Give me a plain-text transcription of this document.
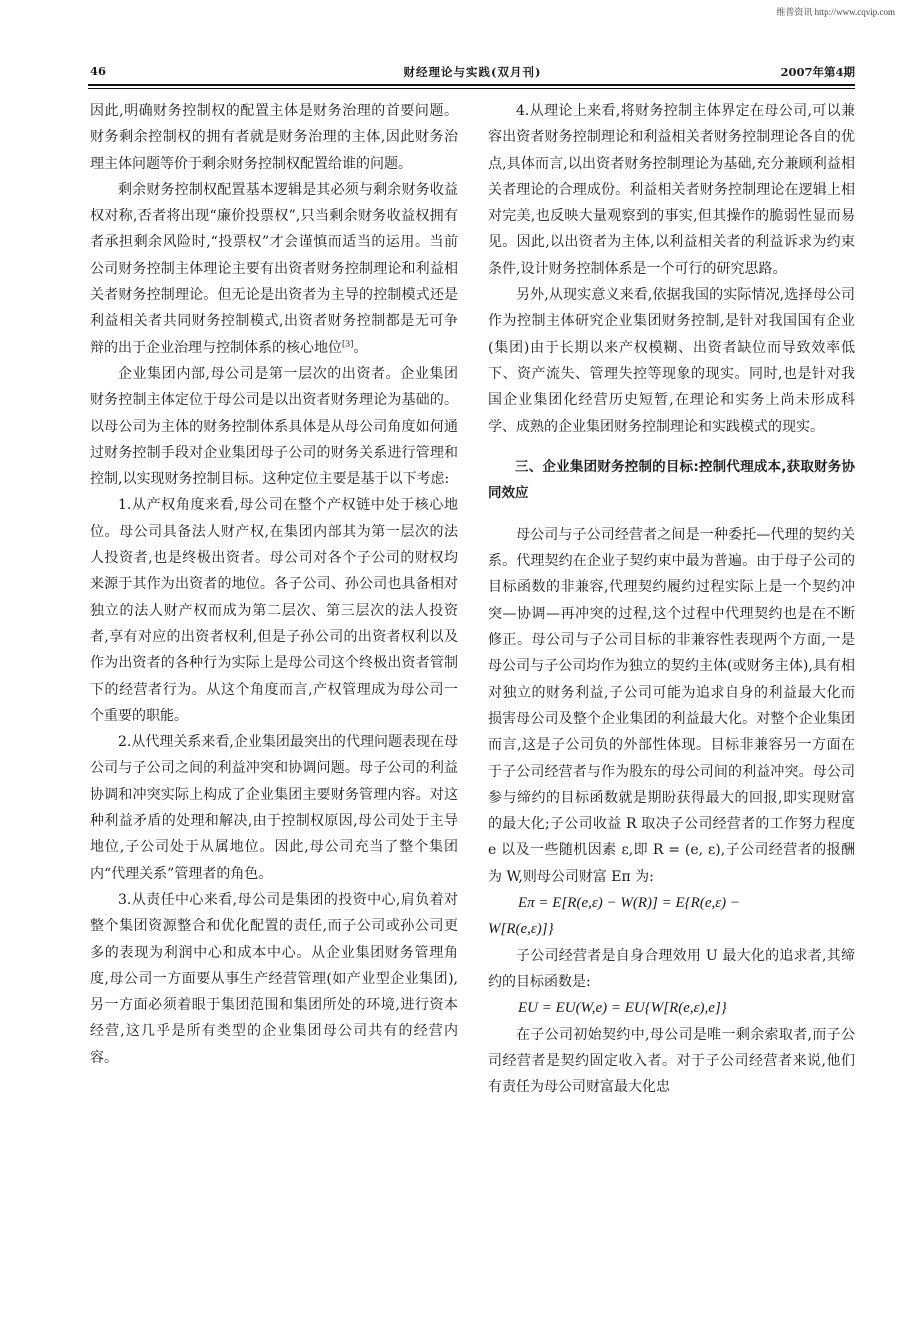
维普资讯 http://www.cqvip.com
46	财经理论与实践(双月刊)	2007年第4期

因此,明确财务控制权的配置主体是财务治理的首要问题。财务剩余控制权的拥有者就是财务治理的主体,因此财务治理主体问题等价于剩余财务控制权配置给谁的问题。

剩余财务控制权配置基本逻辑是其必须与剩余财务收益权对称,否者将出现“廉价投票权”,只当剩余财务收益权拥有者承担剩余风险时,“投票权”才会谨慎而适当的运用。当前公司财务控制主体理论主要有出资者财务控制理论和利益相关者财务控制理论。但无论是出资者为主导的控制模式还是利益相关者共同财务控制模式,出资者财务控制都是无可争辩的出于企业治理与控制体系的核心地位[3]。

企业集团内部,母公司是第一层次的出资者。企业集团财务控制主体定位于母公司是以出资者财务理论为基础的。以母公司为主体的财务控制体系具体是从母公司角度如何通过财务控制手段对企业集团母子公司的财务关系进行管理和控制,以实现财务控制目标。这种定位主要是基于以下考虑:

1.从产权角度来看,母公司在整个产权链中处于核心地位。母公司具备法人财产权,在集团内部其为第一层次的法人投资者,也是终极出资者。母公司对各个子公司的财权均来源于其作为出资者的地位。各子公司、孙公司也具备相对独立的法人财产权而成为第二层次、第三层次的法人投资者,享有对应的出资者权利,但是子孙公司的出资者权利以及作为出资者的各种行为实际上是母公司这个终极出资者管制下的经营者行为。从这个角度而言,产权管理成为母公司一个重要的职能。

2.从代理关系来看,企业集团最突出的代理问题表现在母公司与子公司之间的利益冲突和协调问题。母子公司的利益协调和冲突实际上构成了企业集团主要财务管理内容。对这种利益矛盾的处理和解决,由于控制权原因,母公司处于主导地位,子公司处于从属地位。因此,母公司充当了整个集团内“代理关系”管理者的角色。

3.从责任中心来看,母公司是集团的投资中心,肩负着对整个集团资源整合和优化配置的责任,而子公司或孙公司更多的表现为利润中心和成本中心。从企业集团财务管理角度,母公司一方面要从事生产经营管理(如产业型企业集团),另一方面必须着眼于集团范围和集团所处的环境,进行资本经营,这几乎是所有类型的企业集团母公司共有的经营内容。

4.从理论上来看,将财务控制主体界定在母公司,可以兼容出资者财务控制理论和利益相关者财务控制理论各自的优点,具体而言,以出资者财务控制理论为基础,充分兼顾利益相关者理论的合理成份。利益相关者财务控制理论在逻辑上相对完美,也反映大量观察到的事实,但其操作的脆弱性显而易见。因此,以出资者为主体,以利益相关者的利益诉求为约束条件,设计财务控制体系是一个可行的研究思路。

另外,从现实意义来看,依据我国的实际情况,选择母公司作为控制主体研究企业集团财务控制,是针对我国国有企业(集团)由于长期以来产权模糊、出资者缺位而导致效率低下、资产流失、管理失控等现象的现实。同时,也是针对我国企业集团化经营历史短暂,在理论和实务上尚未形成科学、成熟的企业集团财务控制理论和实践模式的现实。

三、企业集团财务控制的目标:控制代理成本,获取财务协同效应

母公司与子公司经营者之间是一种委托—代理的契约关系。代理契约在企业子契约束中最为普遍。由于母子公司的目标函数的非兼容,代理契约履约过程实际上是一个契约冲突—协调—再冲突的过程,这个过程中代理契约也是在不断修正。母公司与子公司目标的非兼容性表现两个方面,一是母公司与子公司均作为独立的契约主体(或财务主体),具有相对独立的财务利益,子公司可能为追求自身的利益最大化而损害母公司及整个企业集团的利益最大化。对整个企业集团而言,这是子公司负的外部性体现。目标非兼容另一方面在于子公司经营者与作为股东的母公司间的利益冲突。母公司参与缔约的目标函数就是期盼获得最大的回报,即实现财富的最大化;子公司收益 R 取决子公司经营者的工作努力程度 e 以及一些随机因素 ε,即 R = (e, ε),子公司经营者的报酬为 W,则母公司财富 Eπ 为:

Eπ = E[R(e,ε) − W(R)] = E{R(e,ε) −

W[R(e,ε)]}

子公司经营者是自身合理效用 U 最大化的追求者,其缔约的目标函数是:

EU = EU(W,e) = EU{W[R(e,ε),e]}

在子公司初始契约中,母公司是唯一剩余索取者,而子公司经营者是契约固定收入者。对于子公司经营者来说,他们有责任为母公司财富最大化忠
